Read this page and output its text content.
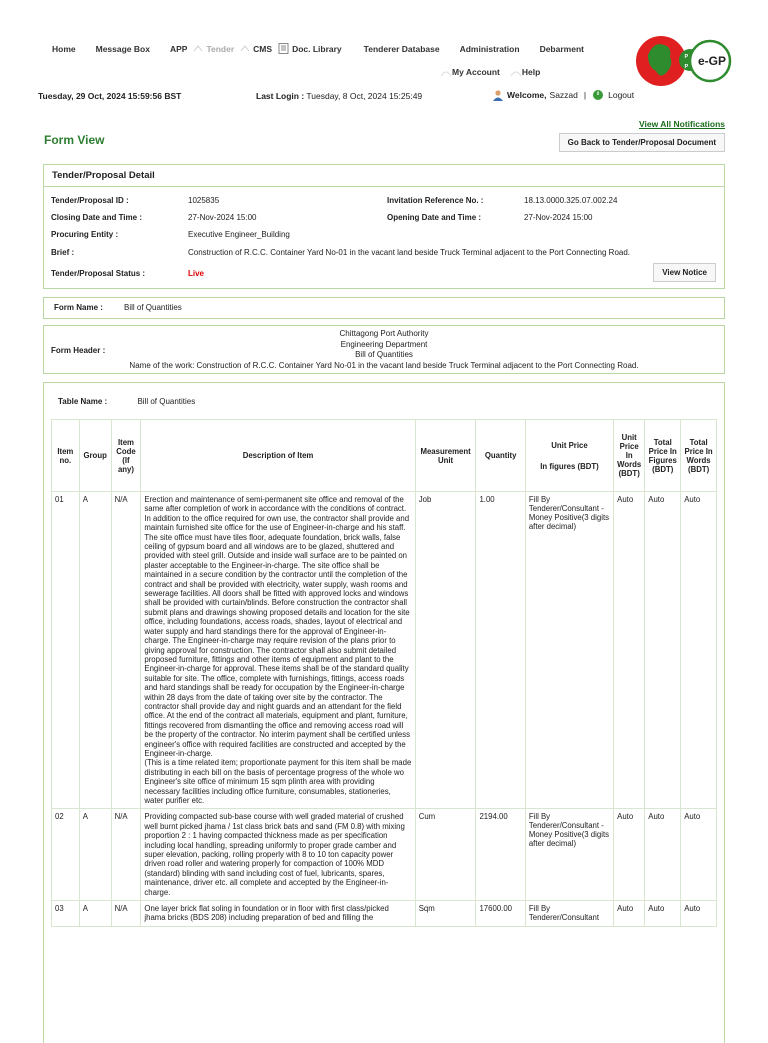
Home Message Box APP Tender CMS Doc. Library	Tenderer Database Administration Debarment
My Account	Help
B
P
P
A
e-GP
Tuesday, 29 Oct, 2024 15:59:56 BST	Last Login : Tuesday, 8 Oct, 2024 15:25:49	Welcome, Sazzad |	Logout
View All Notifications
Form View	Go Back to Tender/Proposal Document
Tender/Proposal Detail
Tender/Proposal ID :	1025835	Invitation Reference No. :	18.13.0000.325.07.002.24
Closing Date and Time :	27-Nov-2024 15:00	Opening Date and Time :	27-Nov-2024 15:00
Procuring Entity :	Executive Engineer_Building
Brief :	Construction of R.C.C. Container Yard No-01 in the vacant land beside Truck Terminal adjacent to the Port Connecting Road.
Tender/Proposal Status :	Live	View Notice
Form Name :	Bill of Quantities
Form Header :
Chittagong Port Authority
Engineering Department
Bill of Quantities
Name of the work: Construction of R.C.C. Container Yard No-01 in the vacant land beside Truck Terminal adjacent to the Port Connecting Road.
Table Name :	Bill of Quantities
Item no.	Group	Item Code (If any)	Description of Item	Measurement Unit	Quantity	Unit Price
In figures (BDT)	Unit Price In Words (BDT)	Total Price In Figures (BDT)	Total Price In Words (BDT)
01	A	N/A	Erection and maintenance of semi-permanent site office and removal of the same after completion of work in accordance with the conditions of contract. In addition to the office required for own use, the contractor shall provide and maintain furnished site office for the use of Engineer-in-charge and his staff. The site office must have tiles floor, adequate foundation, brick walls, false ceiling of gypsum board and all windows are to be glazed, shuttered and provided with steel grill. Outside and inside wall surface are to be painted on plaster acceptable to the Engineer-in-charge. The site office shall be maintained in a secure condition by the contractor until the completion of the contract and shall be provided with electricity, water supply, wash rooms and sewerage facilities. All doors shall be fitted with approved locks and windows shall be provided with curtain/blinds. Before construction the contractor shall submit plans and drawings showing proposed details and location for the site office, including foundations, access roads, shades, layout of electrical and water supply and hard standings there for the approval of Engineer-in-charge. The Engineer-in-charge may require revision of the plans prior to giving approval for construction. The contractor shall also submit detailed proposed furniture, fittings and other items of equipment and plant to the Engineer-in-charge for approval. These items shall be of the standard quality suitable for site. The office, complete with furnishings, fittings, access roads and hard standings shall be ready for occupation by the Engineer-in-charge within 28 days from the date of taking over site by the contractor. The contractor shall provide day and night guards and an attendant for the field office. At the end of the contract all materials, equipment and plant, furniture, fittings recovered from dismantling the office and removing access road will be the property of the contractor. No interim payment shall be certified unless engineer's office with required facilities are constructed and accepted by the Engineer-in-charge.
(This is a time related item; proportionate payment for this item shall be made distributing in each bill on the basis of percentage progress of the whole wo Engineer's site office of minimum 15 sqm plinth area with providing necessary facilities including office furniture, consumables, stationeries, water purifier etc.	Job	1.00	Fill By Tenderer/Consultant - Money Positive(3 digits after decimal)	Auto	Auto	Auto
02	A	N/A	Providing compacted sub-base course with well graded material of crushed well burnt picked jhama / 1st class brick bats and sand (FM 0.8) with mixing proportion 2 : 1 having compacted thickness made as per specification including local handling, spreading uniformly to proper grade camber and super elevation, packing, rolling properly with 8 to 10 ton capacity power driven road roller and watering properly for compaction of 100% MDD (standard) blinding with sand including cost of fuel, lubricants, spares, maintenance, driver etc. all complete and accepted by the Engineer-in-charge.	Cum	2194.00	Fill By Tenderer/Consultant - Money Positive(3 digits after decimal)	Auto	Auto	Auto
03	A	N/A	One layer brick flat soling in foundation or in floor with first class/picked jhama bricks (BDS 208) including preparation of bed and filling the	Sqm	17600.00	Fill By Tenderer/Consultant	Auto	Auto	Auto
